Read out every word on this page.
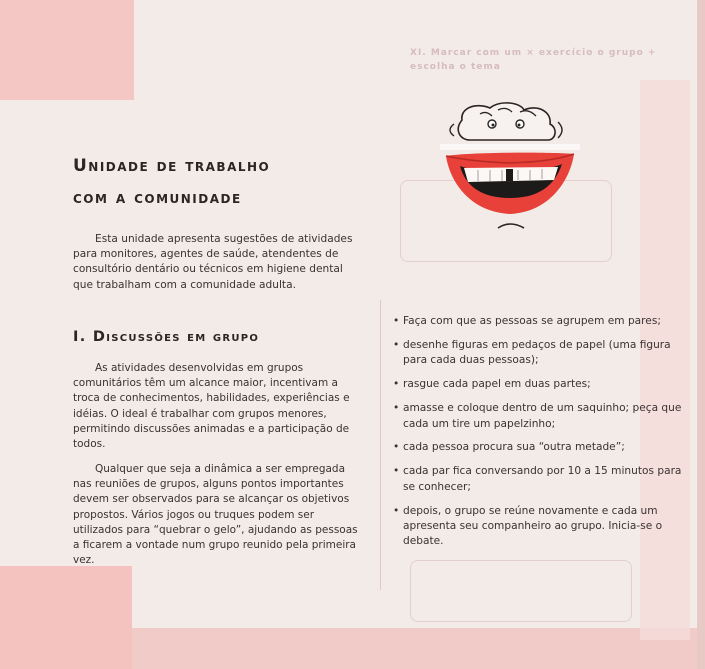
XI. Marcar com um × exercício o grupo + escolha o tema
Unidade de trabalho
com a comunidade
Esta unidade apresenta sugestões de atividades para monitores, agentes de saúde, atendentes de consultório dentário ou técnicos em higiene dental que trabalham com a comunidade adulta.
I. Discussões em grupo
As atividades desenvolvidas em grupos comunitários têm um alcance maior, incentivam a troca de conhecimentos, habilidades, experiências e idéias. O ideal é trabalhar com grupos menores, permitindo discussões animadas e a participação de todos.
Qualquer que seja a dinâmica a ser empregada nas reuniões de grupos, alguns pontos importantes devem ser observados para se alcançar os objetivos propostos. Vários jogos ou truques podem ser utilizados para “quebrar o gelo”, ajudando as pessoas a ficarem a vontade num grupo reunido pela primeira vez.
• Faça com que as pessoas se agrupem em pares;
• desenhe figuras em pedaços de papel (uma figura para cada duas pessoas);
• rasgue cada papel em duas partes;
• amasse e coloque dentro de um saquinho; peça que cada um tire um papelzinho;
• cada pessoa procura sua “outra metade”;
• cada par fica conversando por 10 a 15 minutos para se conhecer;
• depois, o grupo se reúne novamente e cada um apresenta seu companheiro ao grupo. Inicia-se o debate.
